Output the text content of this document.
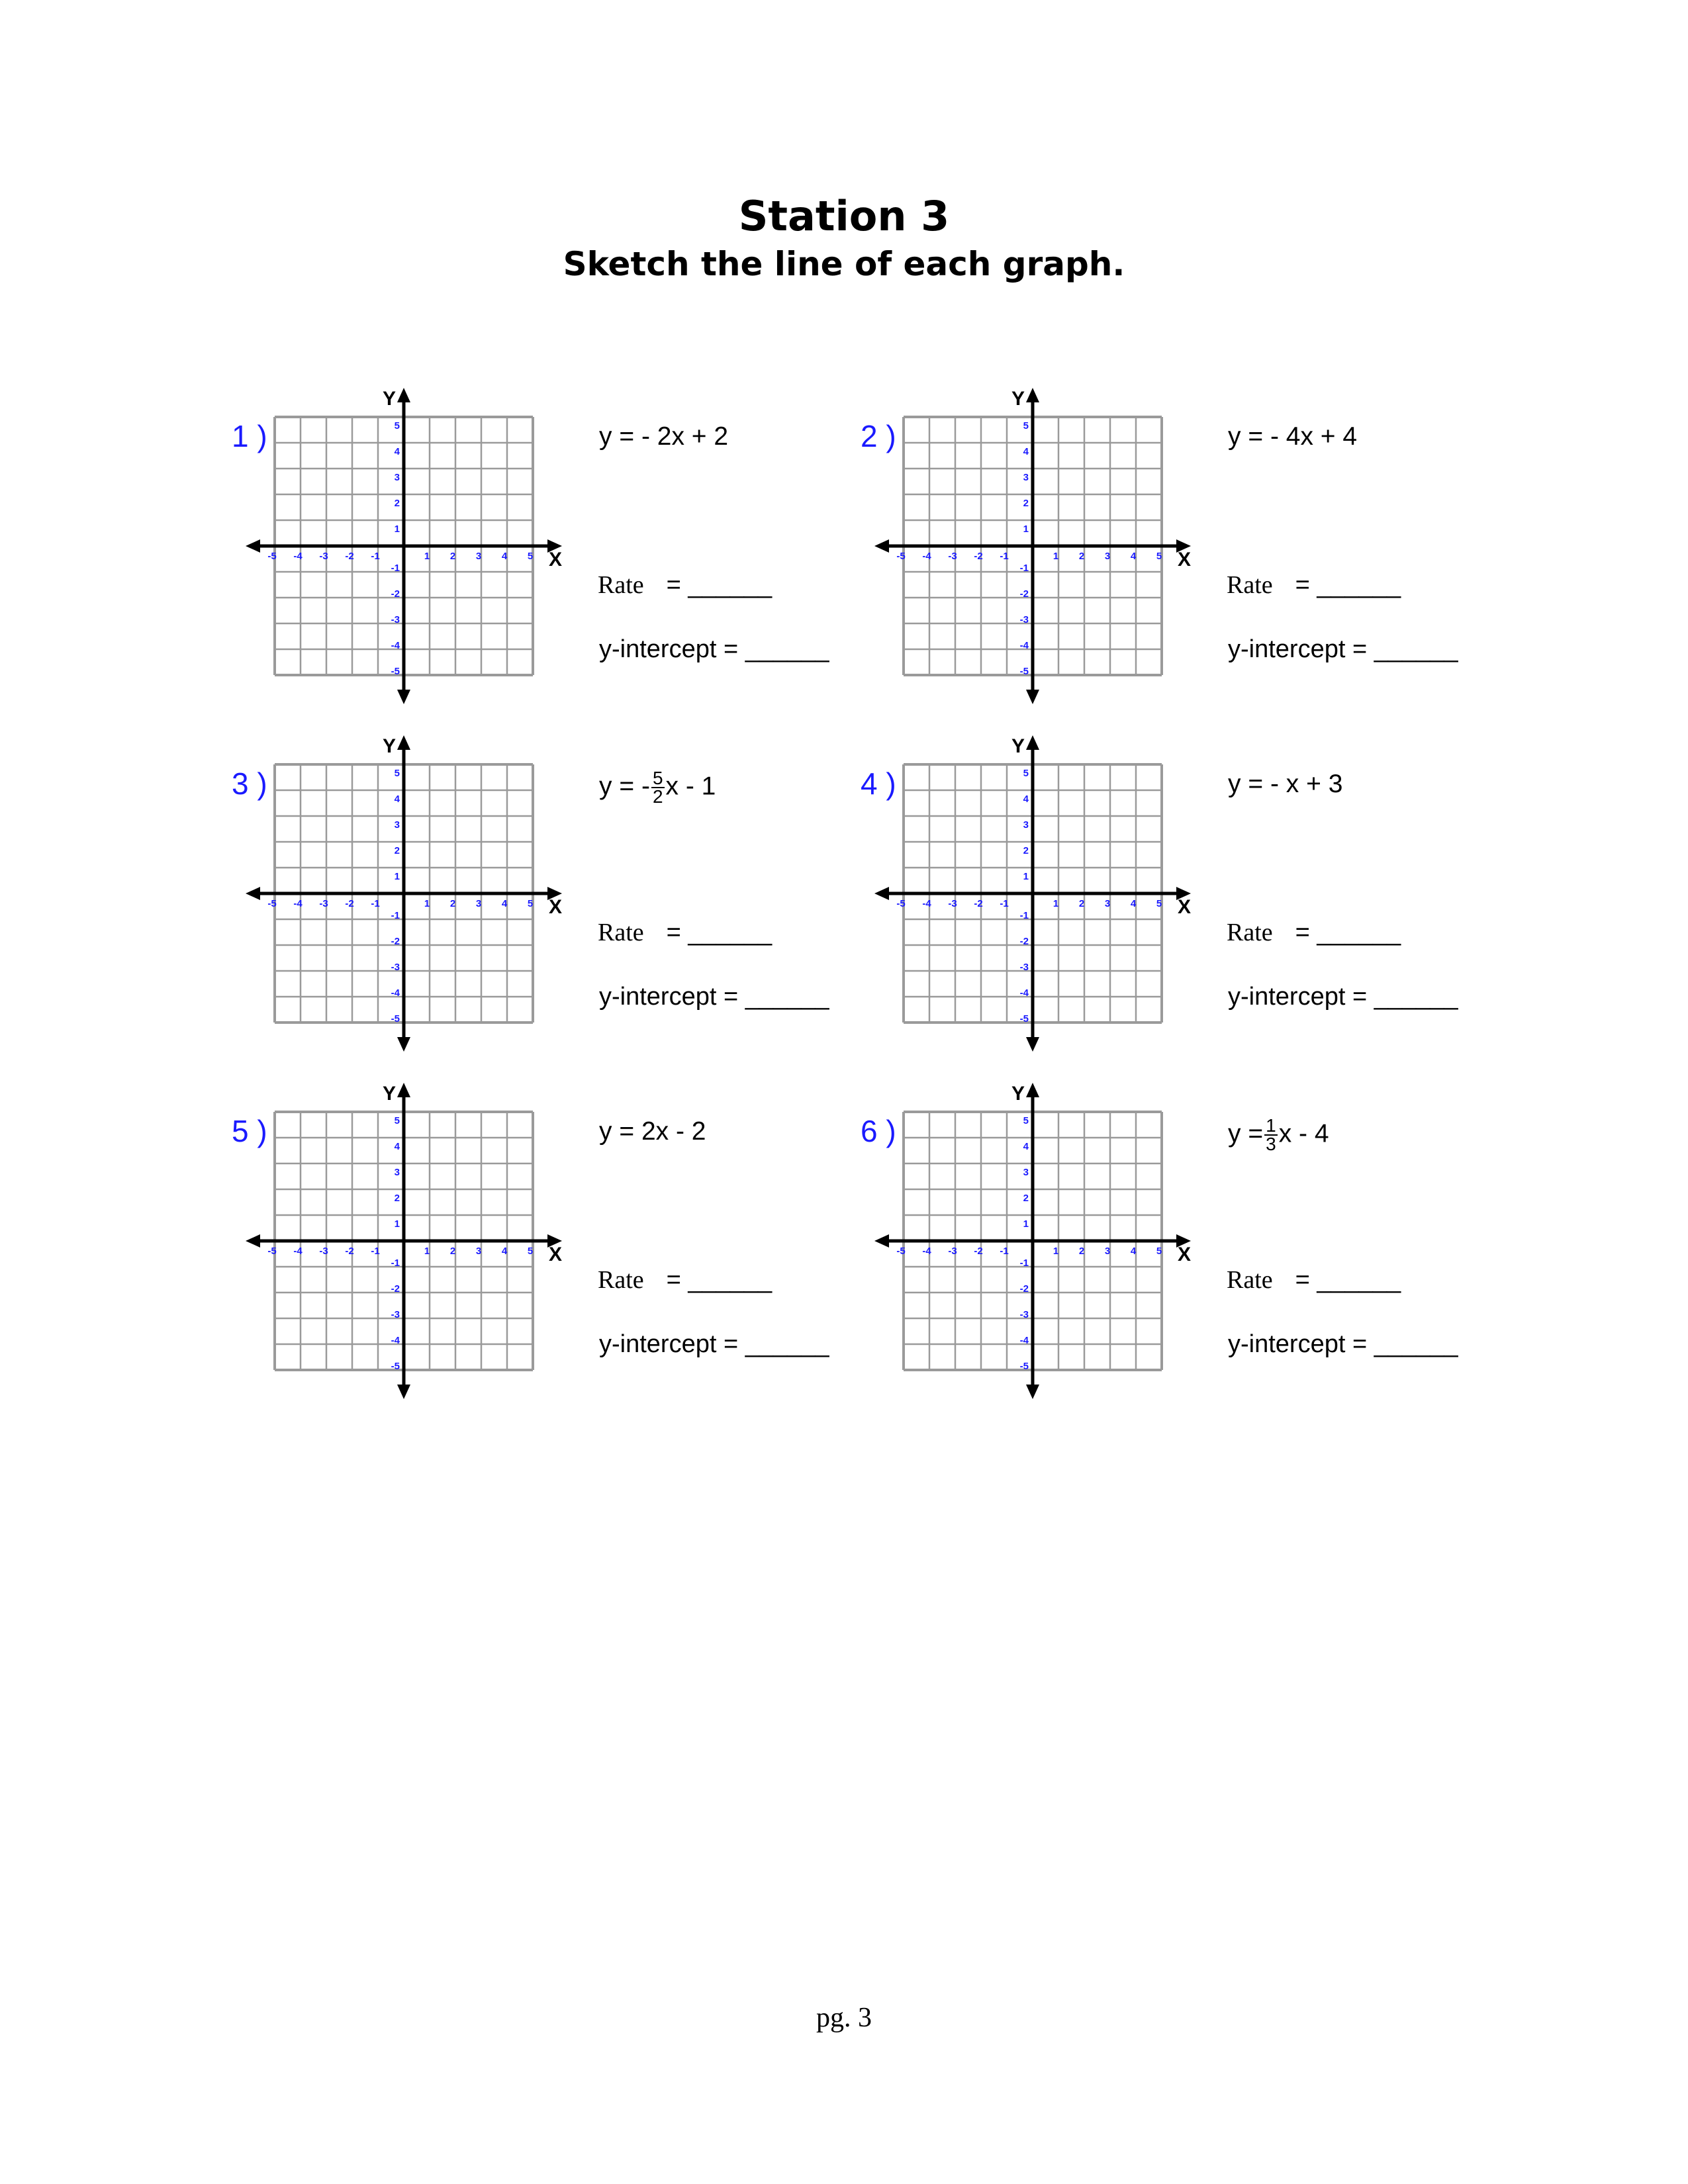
Station 3
Sketch the line of each graph.
1 )
-5 -4 -3 -2 -1	1 2 3 4 5
5
4
3
2
1
-1
-2
-3
-4
-5
X
Y
y = - 2x + 2
Rate = ______
y-intercept = ______
2 )
-5 -4 -3 -2 -1	1 2 3 4 5
5
4
3
2
1
-1
-2
-3
-4
-5
X
Y
y = - 4x + 4
Rate = ______
y-intercept = ______
3 )
-5 -4 -3 -2 -1	1 2 3 4 5
5
4
3
2
1
-1
-2
-3
-4
-5
X
Y
y = - $\frac{5}{2}$ x - 1
Rate = ______
y-intercept = ______
4 )
-5 -4 -3 -2 -1	1 2 3 4 5
5
4
3
2
1
-1
-2
-3
-4
-5
X
Y
y = - x + 3
Rate = ______
y-intercept = ______
5 )
-5 -4 -3 -2 -1	1 2 3 4 5
5
4
3
2
1
-1
-2
-3
-4
-5
X
Y
y = 2x - 2
Rate = ______
y-intercept = ______
6 )
-5 -4 -3 -2 -1	1 2 3 4 5
5
4
3
2
1
-1
-2
-3
-4
-5
X
Y
$y = \frac{1}{3}$ x - 4
Rate = ______
y-intercept = ______
pg. 3
